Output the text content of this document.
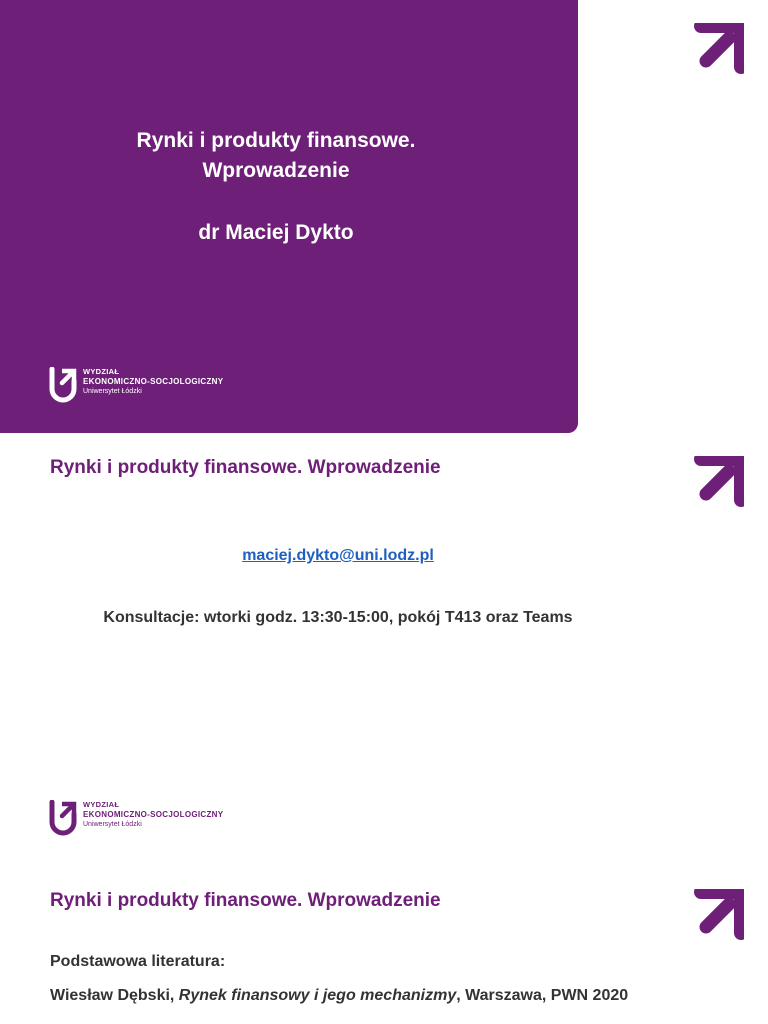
Rynki i produkty finansowe.
Wprowadzenie
dr Maciej Dykto
WYDZIAŁ
EKONOMICZNO-SOCJOLOGICZNY
Uniwersytet Łódzki
Rynki i produkty finansowe. Wprowadzenie
maciej.dykto@uni.lodz.pl
Konsultacje: wtorki godz. 13:30-15:00, pokój T413 oraz Teams
WYDZIAŁ
EKONOMICZNO-SOCJOLOGICZNY
Uniwersytet Łódzki
Rynki i produkty finansowe. Wprowadzenie
Podstawowa literatura:
Wiesław Dębski, Rynek finansowy i jego mechanizmy, Warszawa, PWN 2020
